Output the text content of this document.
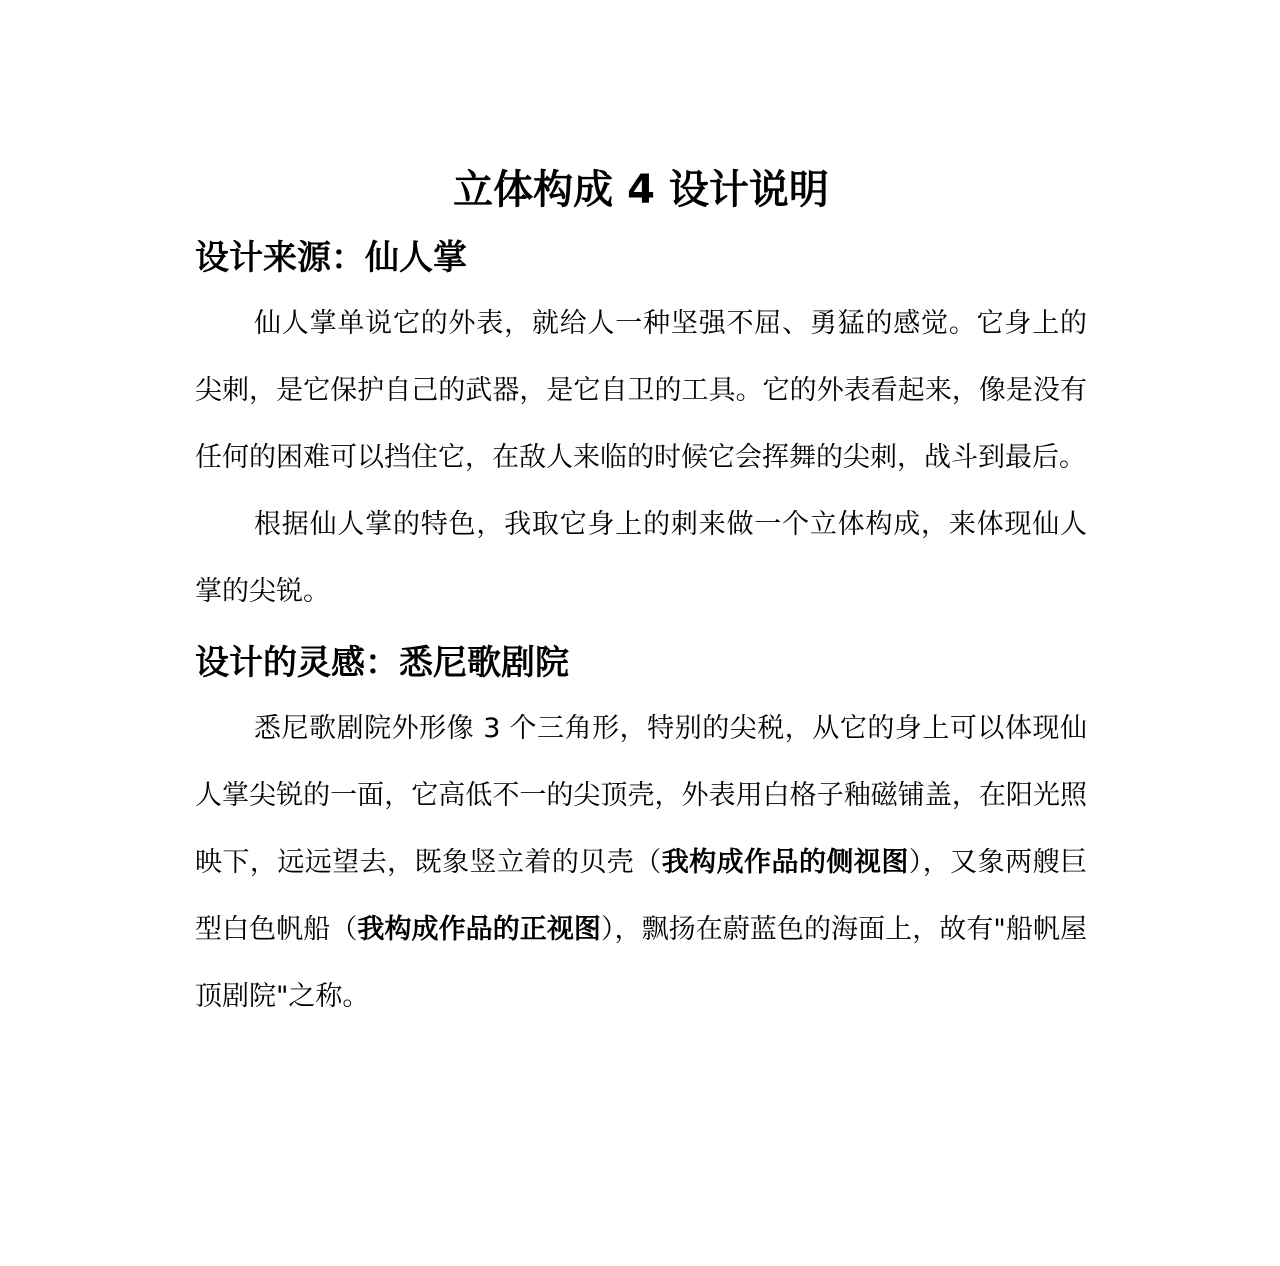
立体构成 4 设计说明
设计来源：仙人掌

仙人掌单说它的外表，就给人一种坚强不屈、勇猛的感觉。它身上的尖刺，是它保护自己的武器，是它自卫的工具。它的外表看起来，像是没有任何的困难可以挡住它，在敌人来临的时候它会挥舞的尖刺，战斗到最后。

根据仙人掌的特色，我取它身上的刺来做一个立体构成，来体现仙人掌的尖锐。

设计的灵感：悉尼歌剧院

悉尼歌剧院外形像 3 个三角形，特别的尖税，从它的身上可以体现仙人掌尖锐的一面，它高低不一的尖顶壳，外表用白格子釉磁铺盖，在阳光照映下，远远望去，既象竖立着的贝壳（我构成作品的侧视图），又象两艘巨型白色帆船（我构成作品的正视图），飘扬在蔚蓝色的海面上，故有"船帆屋顶剧院"之称。
